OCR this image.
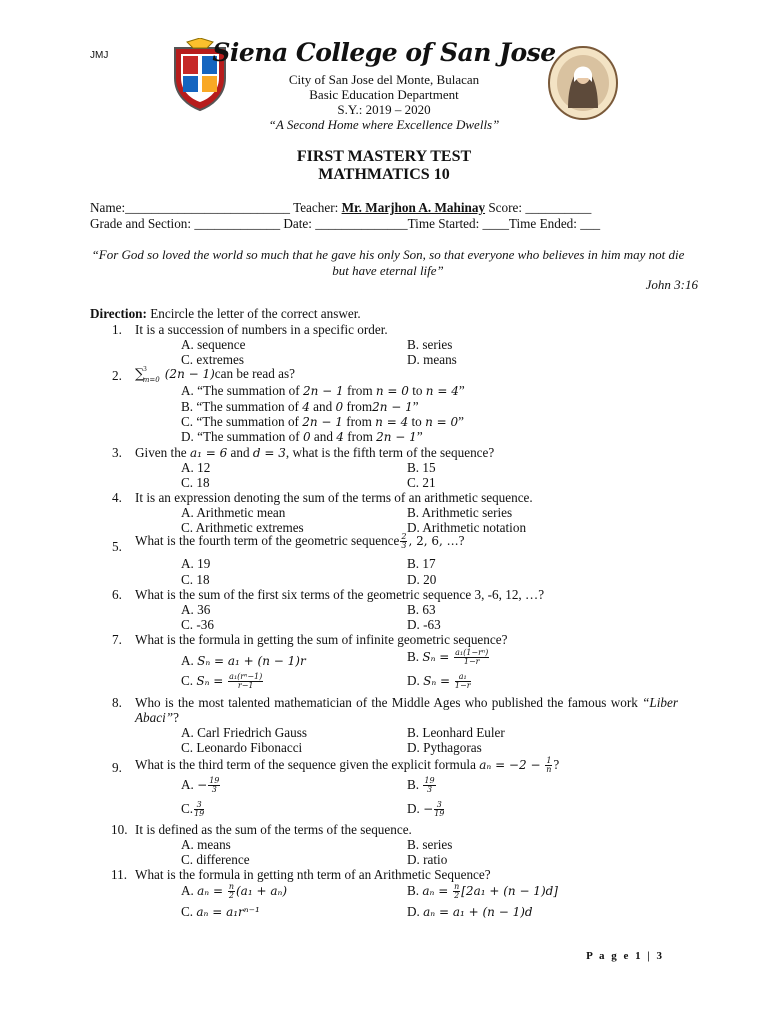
JMJ	Siena College of San Jose
City of San Jose del Monte, Bulacan
Basic Education Department
S.Y.: 2019 – 2020
“A Second Home where Excellence Dwells”
FIRST MASTERY TEST
MATHMATICS 10
Name:_________________________ Teacher: Mr. Marjhon A. Mahinay Score: __________
Grade and Section: _____________ Date: ______________Time Started: ____Time Ended: ___
“For God so loved the world so much that he gave his only Son, so that everyone who believes in him may not die but have eternal life”
John 3:16
Direction: Encircle the letter of the correct answer.
1. It is a succession of numbers in a specific order.
A. sequence	B. series
C. extremes	D. means
2. ∑$^3_{m=0}$ (2n − 1)can be read as?
A. “The summation of 2n − 1 from n = 0 to n = 4”
B. “The summation of 4 and 0 from2n − 1”
C. “The summation of 2n − 1 from n = 4 to n = 0”
D. “The summation of 0 and 4 from 2n − 1”
3. Given the a₁ = 6 and d = 3, what is the fifth term of the sequence?
A. 12	B. 15
C. 18	C. 21
4. It is an expression denoting the sum of the terms of an arithmetic sequence.
A. Arithmetic mean	B. Arithmetic series
C. Arithmetic extremes	D. Arithmetic notation
5. What is the fourth term of the geometric sequence $\frac{2}{3}$ , 2, 6, …?
A. 19	B. 17
C. 18	D. 20
6. What is the sum of the first six terms of the geometric sequence 3, -6, 12, …?
A. 36	B. 63
C. -36	D. -63
7. What is the formula in getting the sum of infinite geometric sequence?
A. Sₙ = a₁ + (n − 1)r	B. $S_n = \frac{\text{a₁(1−rⁿ)}}{1-r}$
C. $S_n = \frac{\text{a₁(rⁿ−1)}}{r-1}$	D. $S_n = \frac{\text{a₁}}{1-r}$
8. Who is the most talented mathematician of the Middle Ages who published the famous work “Liber Abaci”?
A. Carl Friedrich Gauss	B. Leonhard Euler
C. Leonardo Fibonacci	D. Pythagoras
9. What is the third term of the sequence given the explicit formula $a_n = -2 - \frac{1}{n}$ ?
A. − $\frac{19}{3}$	B. $\frac{19}{3}$
C. $\frac{3}{19}$	D. − $\frac{3}{19}$
10. It is defined as the sum of the terms of the sequence.
A. means	B. series
C. difference	D. ratio
11. What is the formula in getting nth term of an Arithmetic Sequence?
A. $a_n = \frac{n}{2} (a_1 + a_n)$	B. $a_n = \frac{n}{2} [2a_1 + (n - 1)d]$
C. aₙ = a₁rⁿ⁻¹	D. aₙ = a₁ + (n − 1)d
P a g e 1 | 3
